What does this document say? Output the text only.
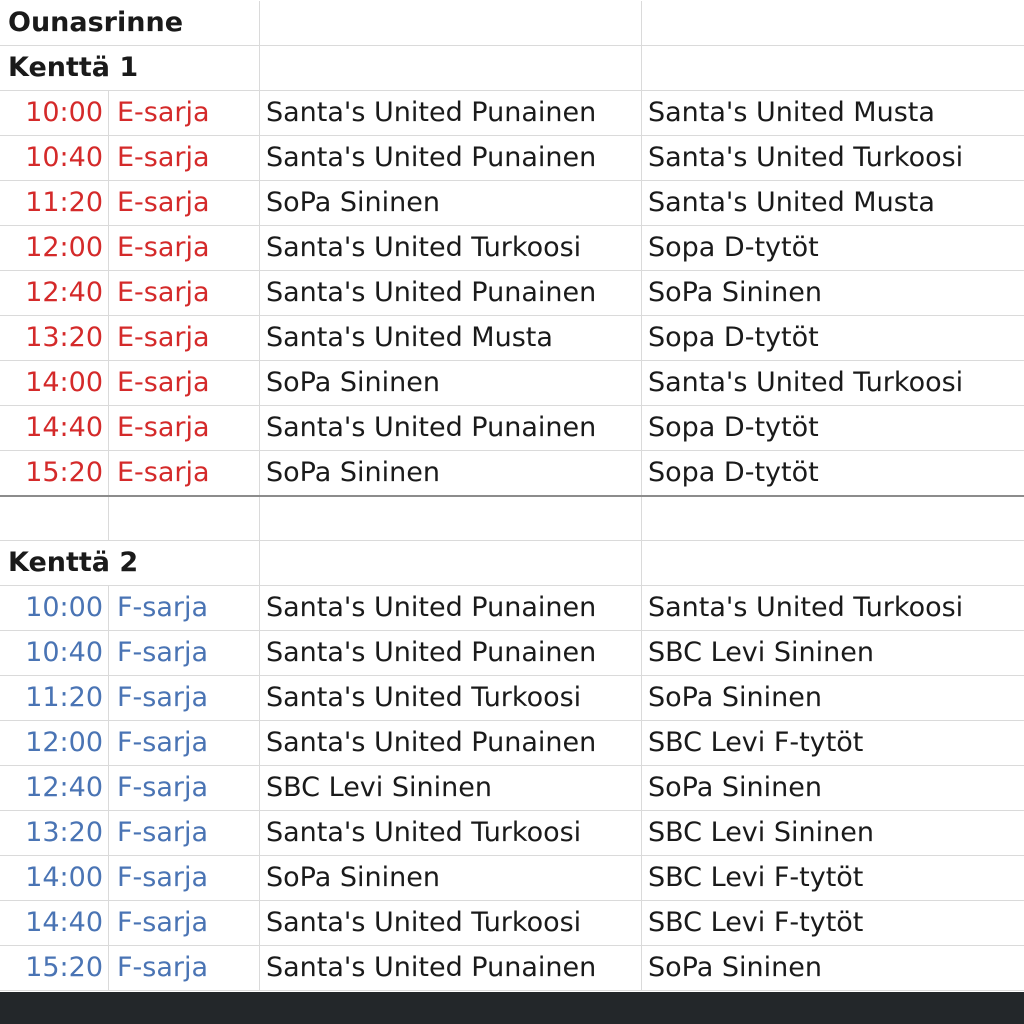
Ounasrinne
Kenttä 1
10:00 E-sarja	Santa's United Punainen	Santa's United Musta
10:40 E-sarja	Santa's United Punainen	Santa's United Turkoosi
11:20 E-sarja	SoPa Sininen	Santa's United Musta
12:00 E-sarja	Santa's United Turkoosi	Sopa D-tytöt
12:40 E-sarja	Santa's United Punainen	SoPa Sininen
13:20 E-sarja	Santa's United Musta	Sopa D-tytöt
14:00 E-sarja	SoPa Sininen	Santa's United Turkoosi
14:40 E-sarja	Santa's United Punainen	Sopa D-tytöt
15:20 E-sarja	SoPa Sininen	Sopa D-tytöt
Kenttä 2
10:00 F-sarja	Santa's United Punainen	Santa's United Turkoosi
10:40 F-sarja	Santa's United Punainen	SBC Levi Sininen
11:20 F-sarja	Santa's United Turkoosi	SoPa Sininen
12:00 F-sarja	Santa's United Punainen	SBC Levi F-tytöt
12:40 F-sarja	SBC Levi Sininen	SoPa Sininen
13:20 F-sarja	Santa's United Turkoosi	SBC Levi Sininen
14:00 F-sarja	SoPa Sininen	SBC Levi F-tytöt
14:40 F-sarja	Santa's United Turkoosi	SBC Levi F-tytöt
15:20 F-sarja	Santa's United Punainen	SoPa Sininen
